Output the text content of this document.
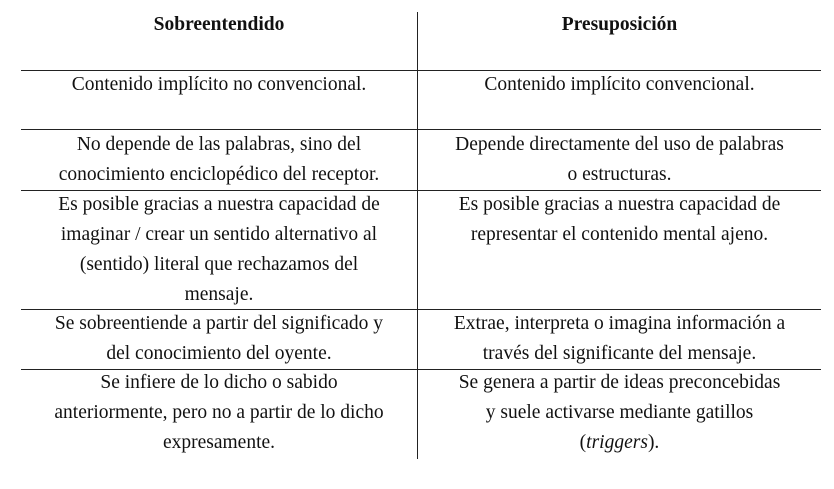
Sobreentendido	Presuposición
Contenido implícito no convencional.	Contenido implícito convencional.
No depende de las palabras, sino del
conocimiento enciclopédico del receptor.
Depende directamente del uso de palabras
o estructuras.
Es posible gracias a nuestra capacidad de
imaginar / crear un sentido alternativo al
(sentido) literal que rechazamos del
mensaje.
Es posible gracias a nuestra capacidad de
representar el contenido mental ajeno.
Se sobreentiende a partir del significado y
del conocimiento del oyente.
Extrae, interpreta o imagina información a
través del significante del mensaje.
Se infiere de lo dicho o sabido
anteriormente, pero no a partir de lo dicho
expresamente.
Se genera a partir de ideas preconcebidas
y suele activarse mediante gatillos
(triggers).
